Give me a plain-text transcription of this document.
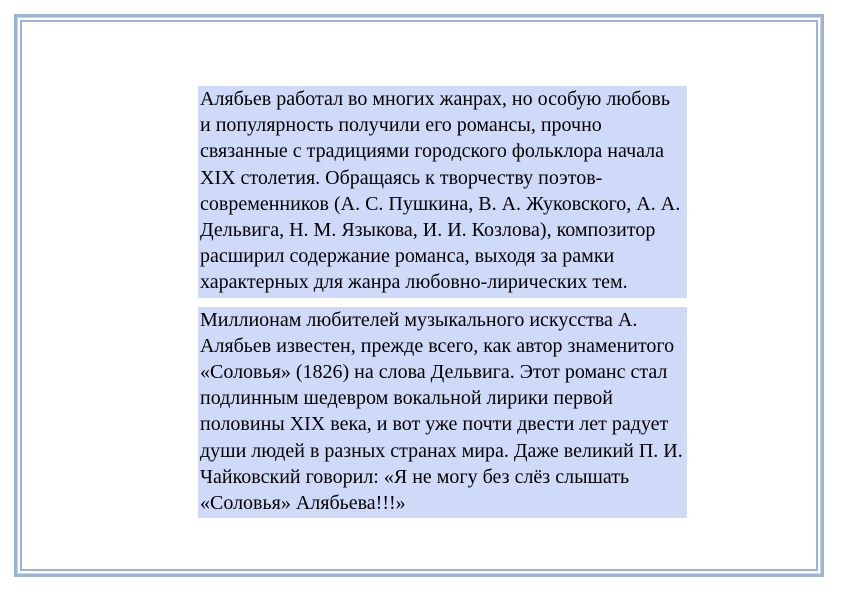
Алябьев работал во многих жанрах, но особую любовь и популярность получили его романсы, прочно связанные с традициями городского фольклора начала XIX столетия. Обращаясь к творчеству поэтов-современников (А. С. Пушкина, В. А. Жуковского, А. А. Дельвига, Н. М. Языкова, И. И. Козлова), композитор расширил содержание романса, выходя за рамки характерных для жанра любовно-лирических тем.

Миллионам любителей музыкального искусства А. Алябьев известен, прежде всего, как автор знаменитого «Соловья» (1826) на слова Дельвига. Этот романс стал подлинным шедевром вокальной лирики первой половины XIX века, и вот уже почти двести лет радует души людей в разных странах мира. Даже великий П. И. Чайковский говорил: «Я не могу без слёз слышать «Соловья» Алябьева!!!»
